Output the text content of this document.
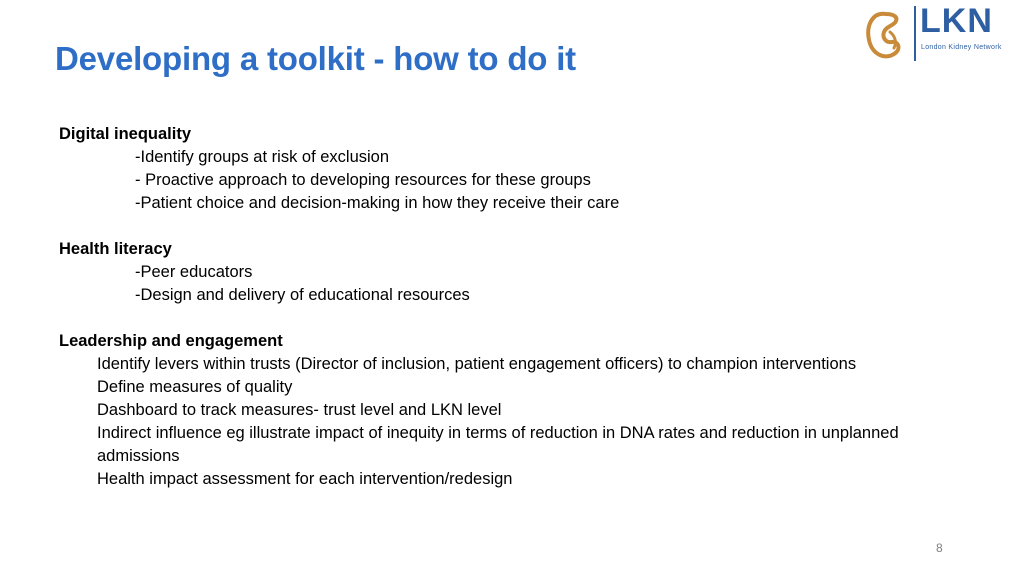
Developing a toolkit - how to do it
LKN
London Kidney Network
Digital inequality
-Identify groups at risk of exclusion
- Proactive approach to developing resources for these groups
-Patient choice and decision-making in how they receive their care
Health literacy
-Peer educators
-Design and delivery of educational resources
Leadership and engagement
Identify levers within trusts (Director of inclusion, patient engagement officers) to champion interventions
Define measures of quality
Dashboard to track measures- trust level and LKN level
Indirect influence eg illustrate impact of inequity in terms of reduction in DNA rates and reduction in unplanned admissions
Health impact assessment for each intervention/redesign
8
